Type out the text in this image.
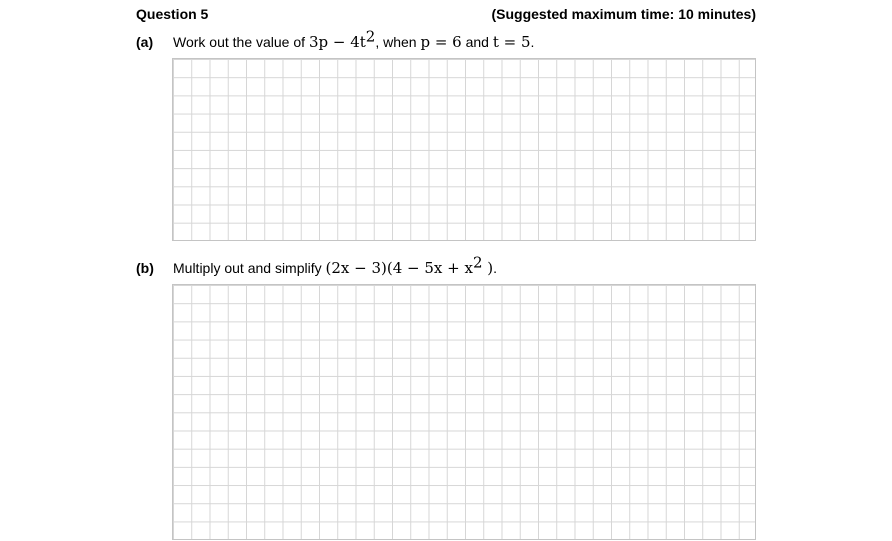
Question 5	(Suggested maximum time: 10 minutes)
(a) Work out the value of $3p - 4t^2$, when p = 6 and t = 5.
(b) Multiply out and simplify $(2x - 3)(4 - 5x + x^2$ ).
